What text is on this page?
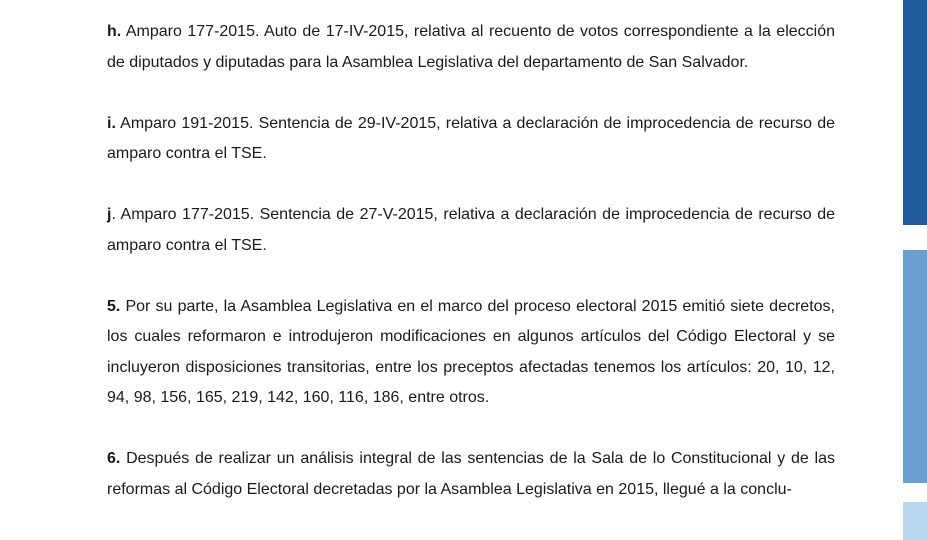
h. Amparo 177-2015. Auto de 17-IV-2015, relativa al recuento de votos correspondiente a la elección de diputados y diputadas para la Asamblea Legislativa del departamento de San Salvador.

i. Amparo 191-2015. Sentencia de 29-IV-2015, relativa a declaración de improcedencia de recurso de amparo contra el TSE.

j. Amparo 177-2015. Sentencia de 27-V-2015, relativa a declaración de improcedencia de recurso de amparo contra el TSE.

5. Por su parte, la Asamblea Legislativa en el marco del proceso electoral 2015 emitió siete decretos, los cuales reformaron e introdujeron modificaciones en algunos artículos del Código Electoral y se incluyeron disposiciones transitorias, entre los preceptos afectadas tenemos los artículos: 20, 10, 12, 94, 98, 156, 165, 219, 142, 160, 116, 186, entre otros.

6. Después de realizar un análisis integral de las sentencias de la Sala de lo Constitucional y de las reformas al Código Electoral decretadas por la Asamblea Legislativa en 2015, llegué a la conclu-
